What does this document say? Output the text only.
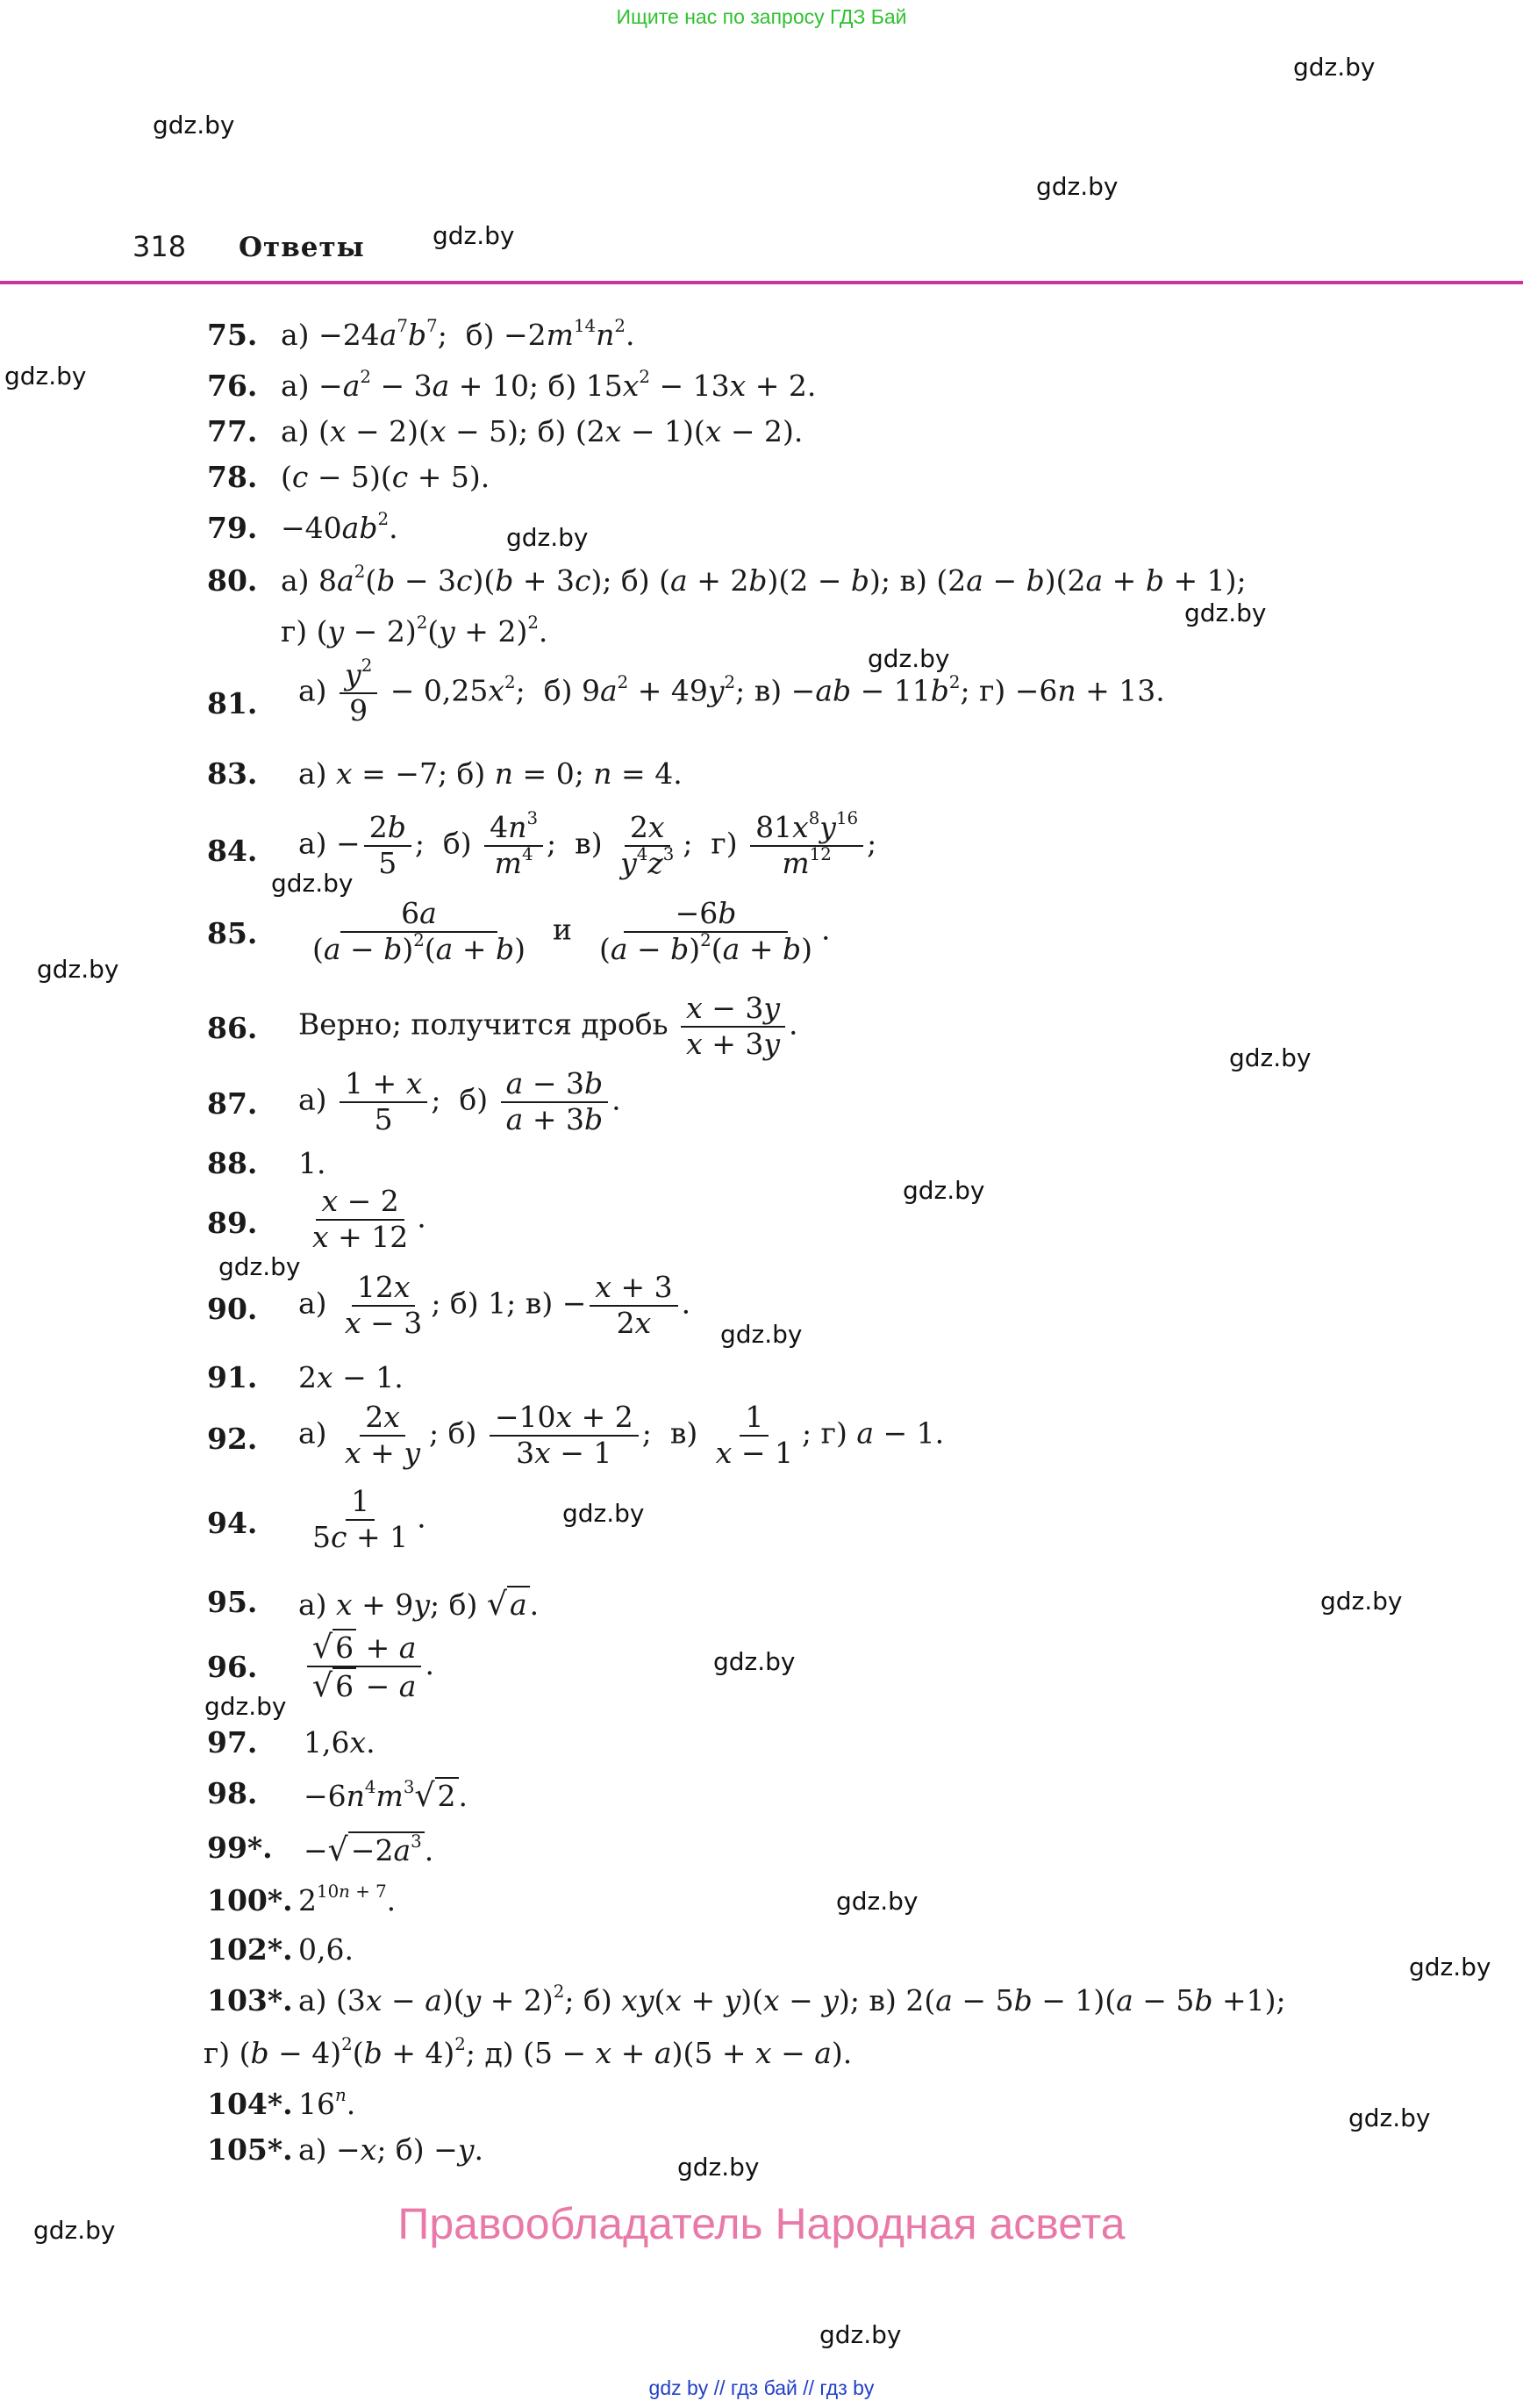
Ищите нас по запросу ГДЗ Бай
gdz.by
gdz.by
gdz.by
gdz.by
gdz.by
gdz.by
gdz.by
gdz.by
gdz.by
gdz.by
gdz.by
gdz.by
gdz.by
gdz.by
gdz.by
gdz.by
gdz.by
gdz.by
gdz.by
gdz.by
gdz.by
gdz.by
gdz.by
gdz.by
318 Ответы
75. $а) -24a^7b^7$;  $б) -2m^{14}n^2$.
76. $а) -a^2 - 3a + 10$; б) $15x^2 - 13x + 2$.
77. а) (x − 2)(x − 5); б) (2x − 1)(x − 2).
78. (c − 5)(c + 5).
79. $-40ab^2$.
80. а) $8a^2(b - 3c)(b + 3c)$; б) (a + 2b)(2 − b); в) (2a − b)(2a + b + 1);
г) $(y - 2)^2(y + 2)^2$.
81. $а) \frac{y^2}{9} - 0,25x^2$;  б) $9a^2 + 49y^2$; $в) -ab - 11b^2$; г) −6n + 13.
83. а) x = −7; б) n = 0; n = 4.
84. $а) - \frac{2b}{5}$ ;  $б) \frac{4n^3}{m^4}$ ;  $в) \frac{2x}{y^4z^3}$ ;  $г) \frac{81x^8y^{16}}{m^{12}}$ ;
85. $\frac{6a}{(a - b)^2(a + b)}$ и $\frac{-6b}{(a - b)^2(a + b)}$ .
86. Верно; получится дробь $\frac{x - 3y}{x + 3y}$ .
87. $а) \frac{1 + x}{5}$ ;  $б) \frac{a - 3b}{a + 3b}$ .
88. 1.
89. $\frac{x - 2}{x + 12}$ .
90. $а) \frac{12x}{x - 3}$ ; б) 1; $в) - \frac{x + 3}{2x}$ .
91. 2x − 1.
92. $а) \frac{2x}{x + y}$ ; $б) \frac{-10x + 2}{3x - 1}$ ;  $в) \frac{1}{x - 1}$ ; г) a − 1.
94. $\frac{1}{5c + 1}$ .
95. а) x + 9y; б) √a.
96. $\frac{√6 + a}{√6 - a}$ .
97. 1,6x.
98. $-6n^4m^3√2$.
99*. $-√-2a^3$.
100*. $2^{10n + 7}$.
102*. 0,6.
103*. а) $(3x - a)(y + 2)^2$; б) xy(x + y)(x − y); в) 2(a − 5b − 1)(a − 5b +1);
г) $(b - 4)^2(b + 4)^2$; д) (5 − x + a)(5 + x − a).
104*. 16$^n$.
105*. а) −x; б) −y.
Правообладатель Народная асвета
gdz by // гдз бай // гдз by
